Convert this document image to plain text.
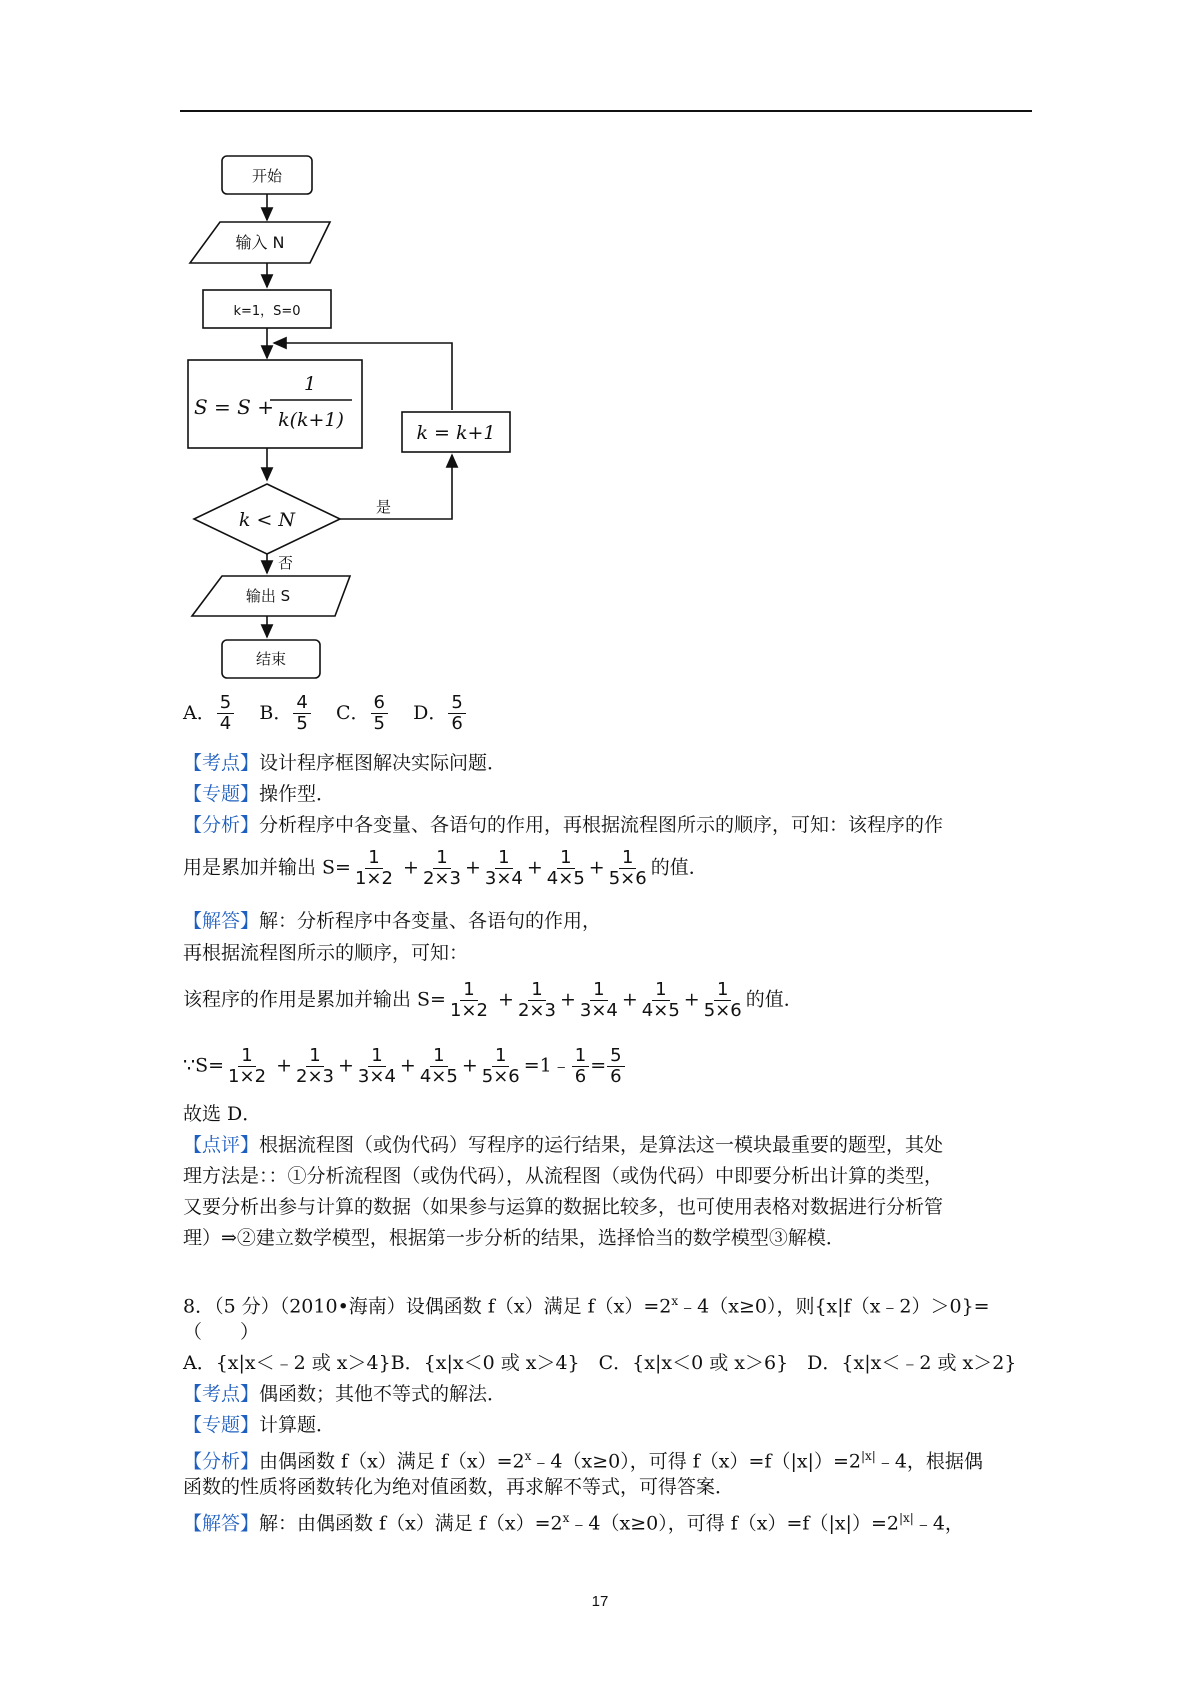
开始
输入 N
k=1，S=0
S = S +
1
k(k+1)
k = k+1
k < N
是
否
输出 S
结束
A． $\frac{5}{4}$ B． $\frac{4}{5}$ C． $\frac{6}{5}$ D． $\frac{5}{6}$
【考点】设计程序框图解决实际问题．
【专题】操作型．
【分析】分析程序中各变量、各语句的作用，再根据流程图所示的顺序，可知：该程序的作
用是累加并输出 $S= \frac{1}{1\times 2} + \frac{1}{2\times 3} + \frac{1}{3\times 4} + \frac{1}{4\times 5} + \frac{1}{5\times 6}$ 的值．
【解答】解：分析程序中各变量、各语句的作用，
再根据流程图所示的顺序，可知：
该程序的作用是累加并输出 $S= \frac{1}{1\times 2} + \frac{1}{2\times 3} + \frac{1}{3\times 4} + \frac{1}{4\times 5} + \frac{1}{5\times 6}$ 的值．
∵S= $\frac{1}{1\times 2} + \frac{1}{2\times 3} + \frac{1}{3\times 4} + \frac{1}{4\times 5} + \frac{1}{5\times 6}$ =1﹣ $\frac{1}{6} = \frac{5}{6}$
故选 D．
【点评】根据流程图（或伪代码）写程序的运行结果，是算法这一模块最重要的题型，其处
理方法是：：①分析流程图（或伪代码），从流程图（或伪代码）中即要分析出计算的类型，
又要分析出参与计算的数据（如果参与运算的数据比较多，也可使用表格对数据进行分析管
理）⇒②建立数学模型，根据第一步分析的结果，选择恰当的数学模型③解模．
8．（5 分）（2010•海南）设偶函数 f（x）满足 $f(x)=2^x﹣4(x\ge 0)$，则{x|f（x﹣2）＞0}=
（　　）
A．{x|x＜﹣2 或 x＞4}B．{x|x＜0 或 x＞4}　C．{x|x＜0 或 x＞6}　D．{x|x＜﹣2 或 x＞2}
【考点】偶函数；其他不等式的解法．
【专题】计算题．
【分析】由偶函数 f（x）满足 $f(x)=2^x﹣4(x\ge 0)$，可得 $f(x)=f(|x|)=2^{|x|}﹣4$，根据偶
函数的性质将函数转化为绝对值函数，再求解不等式，可得答案．
【解答】解：由偶函数 f（x）满足 $f(x)=2^x﹣4(x\ge 0)$，可得 $f(x)=f(|x|)=2^{|x|}﹣4$，
17
